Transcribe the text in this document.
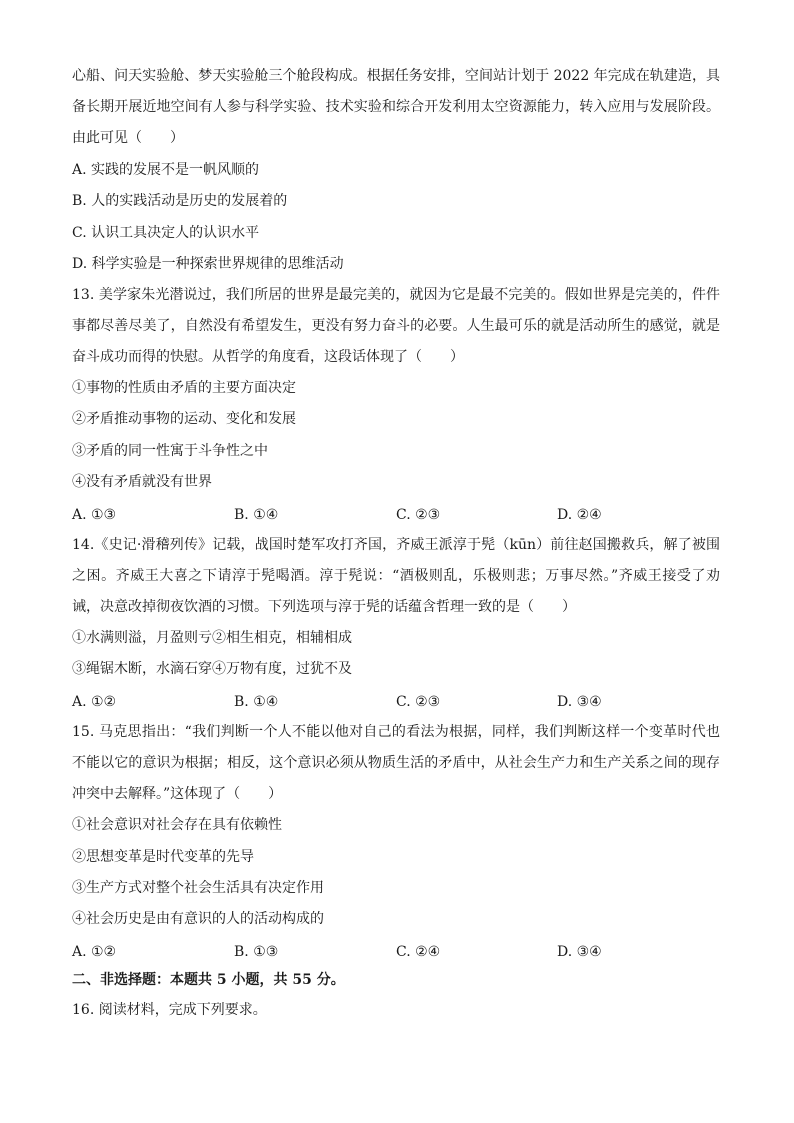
心船、问天实验舱、梦天实验舱三个舱段构成。根据任务安排，空间站计划于 2022 年完成在轨建造，具
备长期开展近地空间有人参与科学实验、技术实验和综合开发利用太空资源能力，转入应用与发展阶段。
由此可见（　　）
A. 实践的发展不是一帆风顺的
B. 人的实践活动是历史的发展着的
C. 认识工具决定人的认识水平
D. 科学实验是一种探索世界规律的思维活动
13. 美学家朱光潜说过，我们所居的世界是最完美的，就因为它是最不完美的。假如世界是完美的，件件
事都尽善尽美了，自然没有希望发生，更没有努力奋斗的必要。人生最可乐的就是活动所生的感觉，就是
奋斗成功而得的快慰。从哲学的角度看，这段话体现了（　　）
①事物的性质由矛盾的主要方面决定
②矛盾推动事物的运动、变化和发展
③矛盾的同一性寓于斗争性之中
④没有矛盾就没有世界
A. ①③	B. ①④	C. ②③	D. ②④
14.《史记·滑稽列传》记载，战国时楚军攻打齐国，齐威王派淳于髡（kūn）前往赵国搬救兵，解了被围
之困。齐威王大喜之下请淳于髡喝酒。淳于髡说：“酒极则乱，乐极则悲；万事尽然。”齐威王接受了劝
诫，决意改掉彻夜饮酒的习惯。下列选项与淳于髡的话蕴含哲理一致的是（　　）
①水满则溢，月盈则亏②相生相克，相辅相成
③绳锯木断，水滴石穿④万物有度，过犹不及
A. ①②	B. ①④	C. ②③	D. ③④
15. 马克思指出：“我们判断一个人不能以他对自己的看法为根据，同样，我们判断这样一个变革时代也
不能以它的意识为根据；相反，这个意识必须从物质生活的矛盾中，从社会生产力和生产关系之间的现存
冲突中去解释。”这体现了（　　）
①社会意识对社会存在具有依赖性
②思想变革是时代变革的先导
③生产方式对整个社会生活具有决定作用
④社会历史是由有意识的人的活动构成的
A. ①②	B. ①③	C. ②④	D. ③④
二、非选择题：本题共 5 小题，共 55 分。
16. 阅读材料，完成下列要求。
